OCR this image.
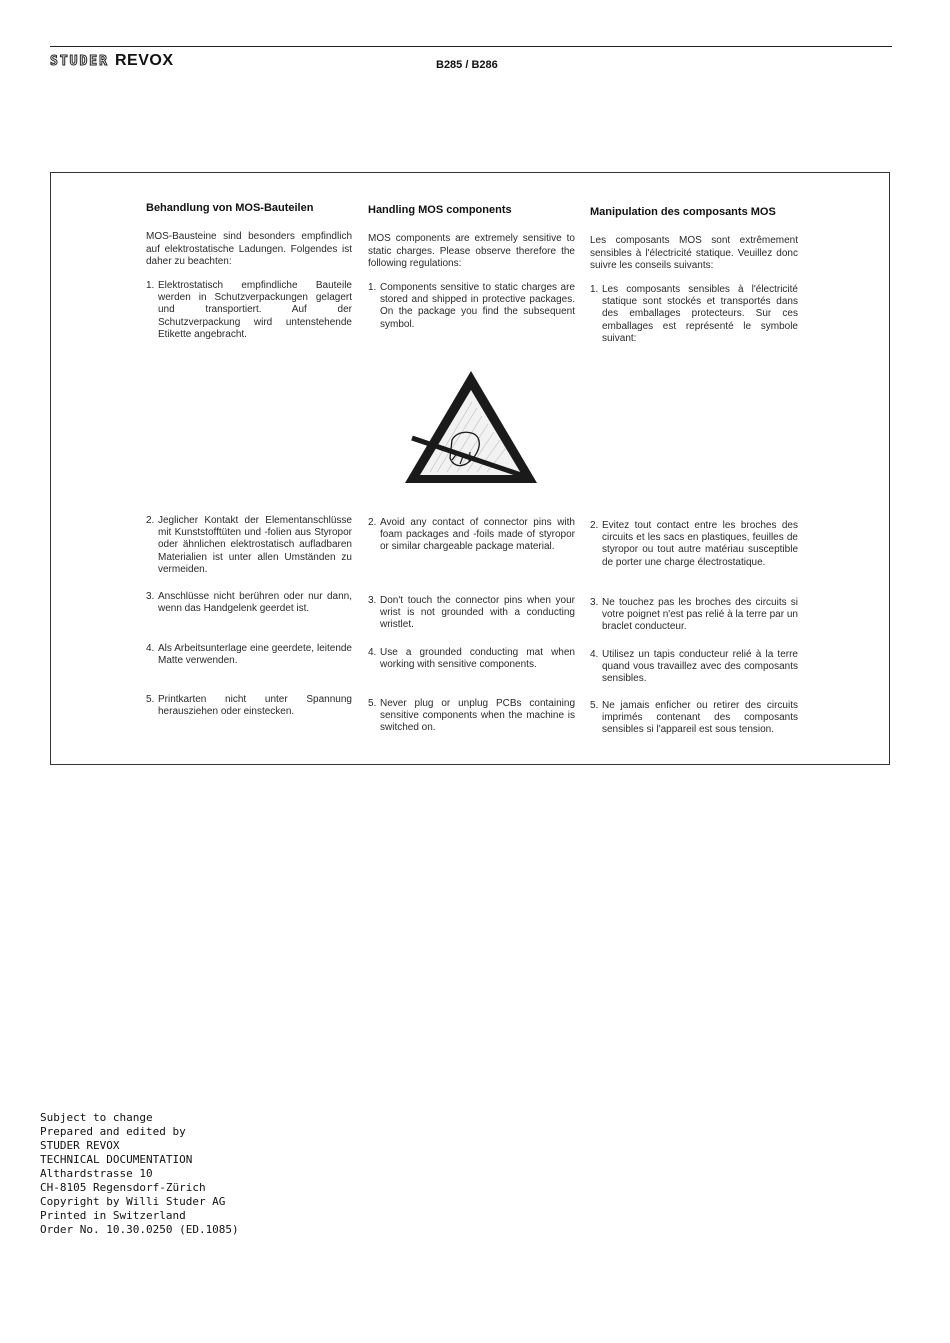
STUDER REVOX	B285 / B286
Behandlung von MOS-Bauteilen

MOS-Bausteine sind besonders empfindlich auf elektrostatische Ladungen. Folgendes ist daher zu beachten:

1. Elektrostatisch empfindliche Bauteile werden in Schutzverpackungen gelagert und transportiert. Auf der Schutzverpackung wird untenstehende Etikette angebracht.
Handling MOS components

MOS components are extremely sensitive to static charges. Please observe therefore the following regulations:

1. Components sensitive to static charges are stored and shipped in protective packages. On the package you find the subsequent symbol.
Manipulation des composants MOS

Les composants MOS sont extrêmement sensibles à l'électricité statique. Veuillez donc suivre les conseils suivants:

1. Les composants sensibles à l'électricité statique sont stockés et transportés dans des emballages protecteurs. Sur ces emballages est représenté le symbole suivant:
2. Jeglicher Kontakt der Elementanschlüsse mit Kunststofftüten und -folien aus Styropor oder ähnlichen elektrostatisch aufladbaren Materialien ist unter allen Umständen zu vermeiden.
3. Anschlüsse nicht berühren oder nur dann, wenn das Handgelenk geerdet ist.
4. Als Arbeitsunterlage eine geerdete, leitende Matte verwenden.
5. Printkarten nicht unter Spannung herausziehen oder einstecken.
2. Avoid any contact of connector pins with foam packages and -foils made of styropor or similar chargeable package material.
3. Don't touch the connector pins when your wrist is not grounded with a conducting wristlet.
4. Use a grounded conducting mat when working with sensitive components.
5. Never plug or unplug PCBs containing sensitive components when the machine is switched on.
2. Evitez tout contact entre les broches des circuits et les sacs en plastiques, feuilles de styropor ou tout autre matériau susceptible de porter une charge électrostatique.
3. Ne touchez pas les broches des circuits si votre poignet n'est pas relié à la terre par un braclet conducteur.
4. Utilisez un tapis conducteur relié à la terre quand vous travaillez avec des composants sensibles.
5. Ne jamais enficher ou retirer des circuits imprimés contenant des composants sensibles si l'appareil est sous tension.
Subject to change
Prepared and edited by
STUDER REVOX
TECHNICAL DOCUMENTATION
Althardstrasse 10
CH-8105 Regensdorf-Zürich
Copyright by Willi Studer AG
Printed in Switzerland
Order No. 10.30.0250 (ED.1085)
